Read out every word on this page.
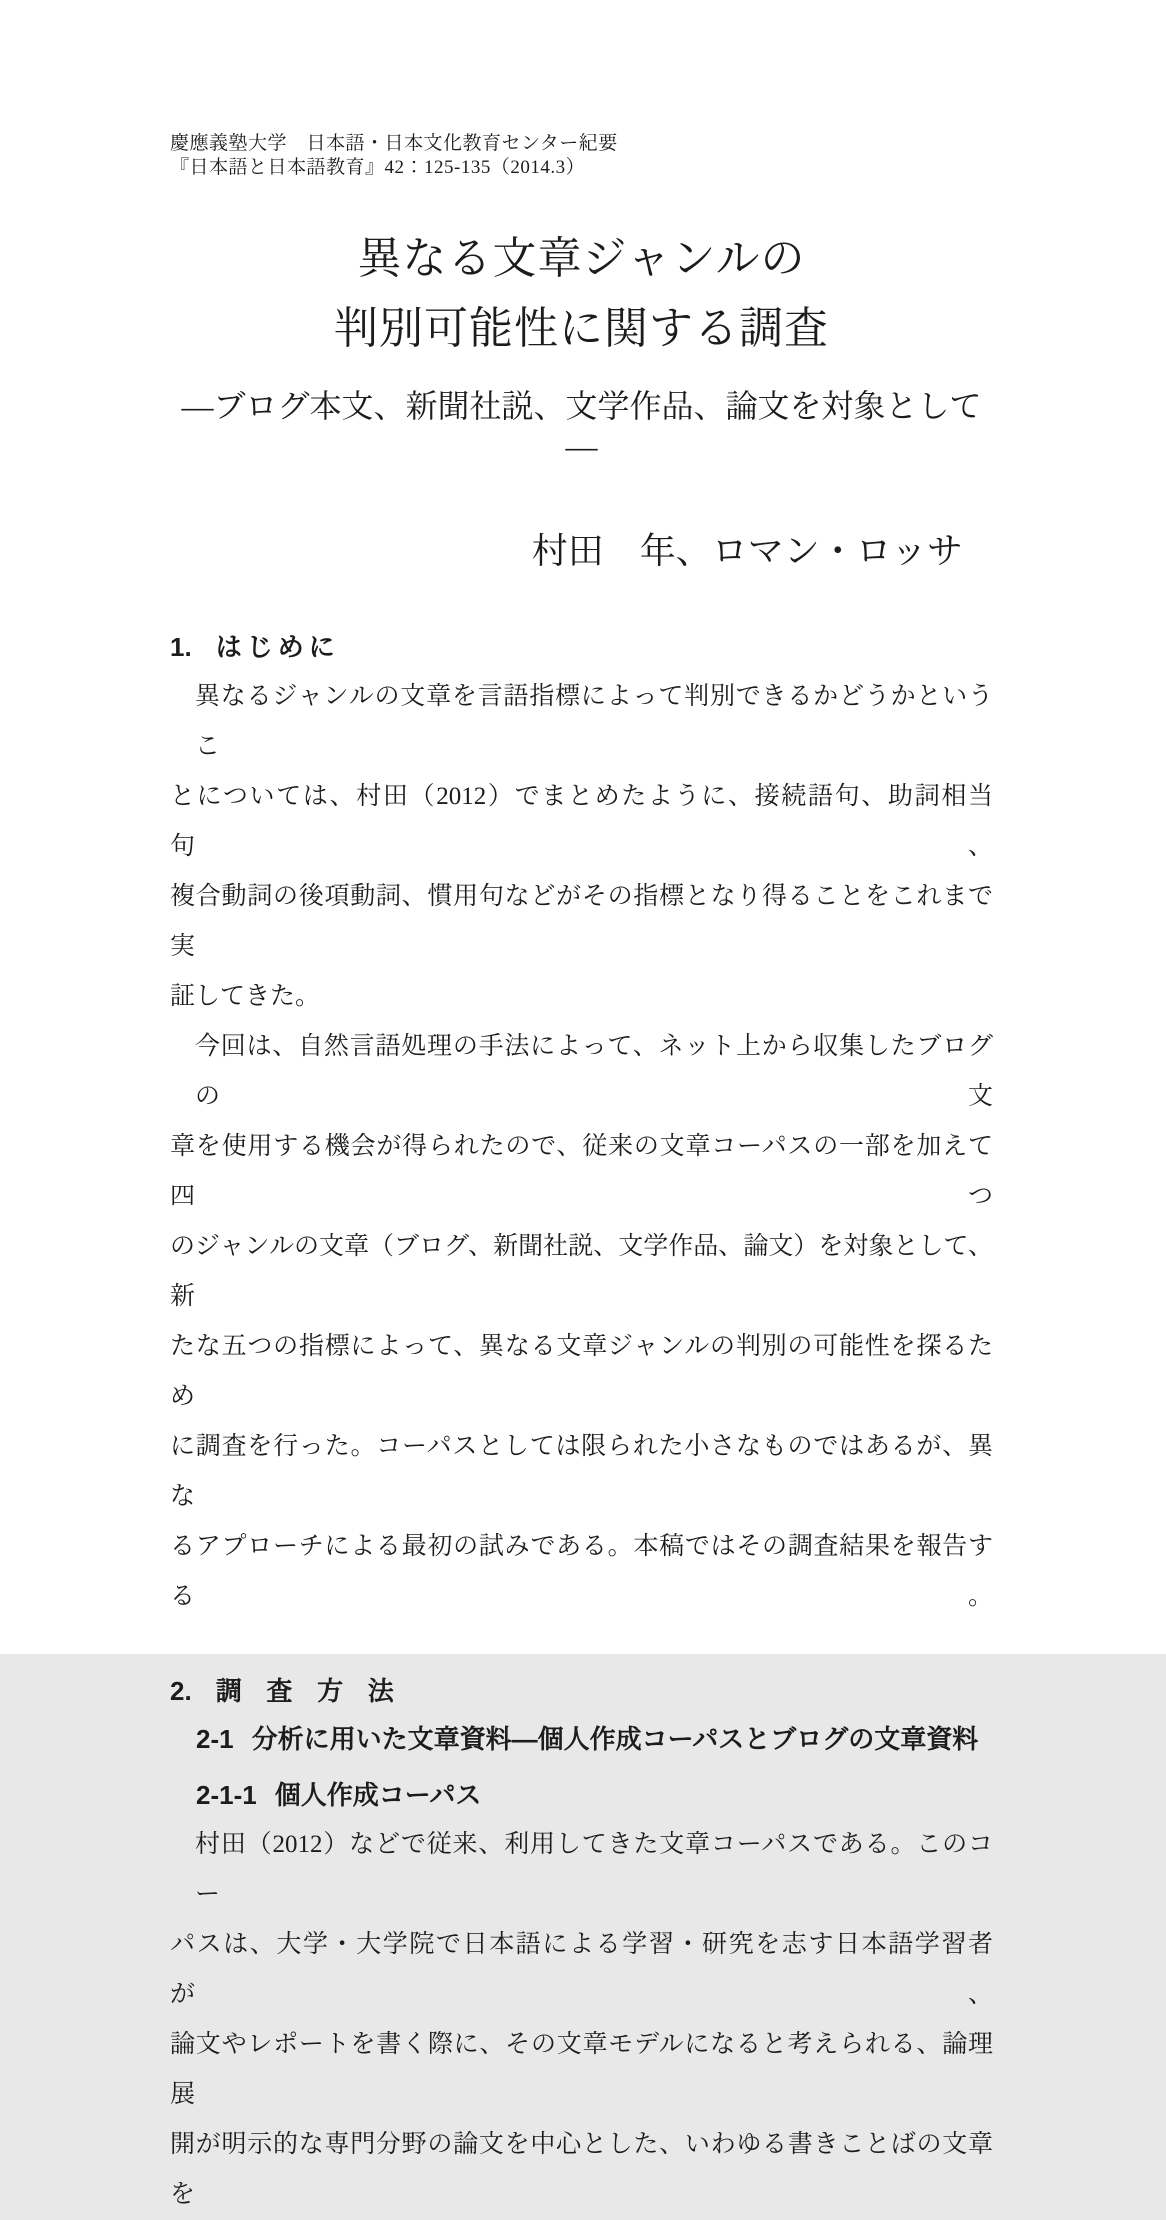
慶應義塾大学　日本語・日本文化教育センター紀要
『日本語と日本語教育』42：125-135（2014.3）
異なる文章ジャンルの
判別可能性に関する調査
―ブログ本文、新聞社説、文学作品、論文を対象として―
村田　年、ロマン・ロッサ
1. はじめに

異なるジャンルの文章を言語指標によって判別できるかどうかというこ
とについては、村田（2012）でまとめたように、接続語句、助詞相当句、
複合動詞の後項動詞、慣用句などがその指標となり得ることをこれまで実
証してきた。

今回は、自然言語処理の手法によって、ネット上から収集したブログの文
章を使用する機会が得られたので、従来の文章コーパスの一部を加えて四つ
のジャンルの文章（ブログ、新聞社説、文学作品、論文）を対象として、新
たな五つの指標によって、異なる文章ジャンルの判別の可能性を探るため
に調査を行った。コーパスとしては限られた小さなものではあるが、異な
るアプローチによる最初の試みである。本稿ではその調査結果を報告する。

2. 調査方法
2-1 分析に用いた文章資料―個人作成コーパスとブログの文章資料
2-1-1 個人作成コーパス

村田（2012）などで従来、利用してきた文章コーパスである。このコー
パスは、大学・大学院で日本語による学習・研究を志す日本語学習者が、
論文やレポートを書く際に、その文章モデルになると考えられる、論理展
開が明示的な専門分野の論文を中心とした、いわゆる書きことばの文章を
